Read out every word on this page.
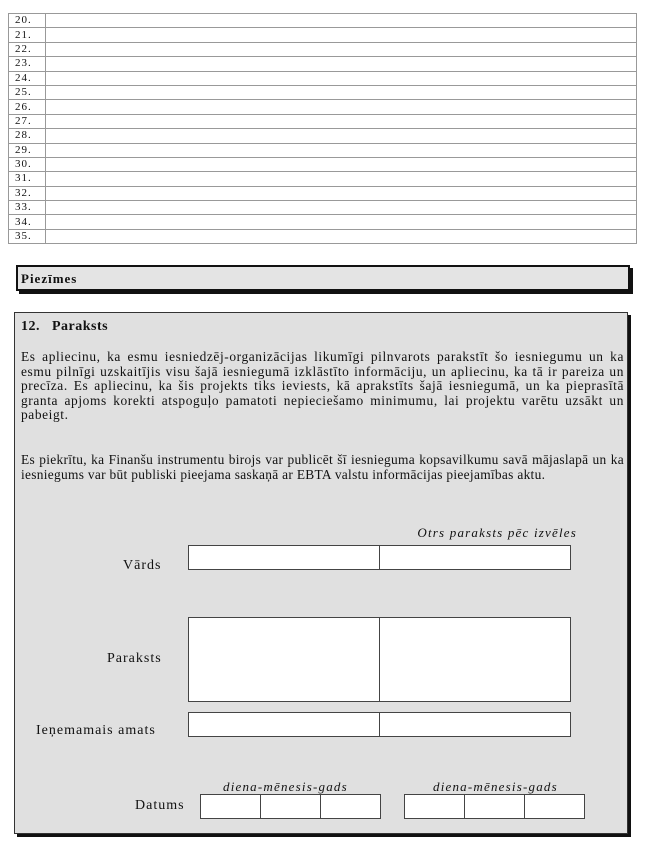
20.	
21.	
22.	
23.	
24.	
25.	
26.	
27.	
28.	
29.	
30.	
31.	
32.	
33.	
34.	
35.	
Piezīmes
12.   Paraksts
Es apliecinu, ka esmu iesniedzēj-organizācijas likumīgi pilnvarots parakstīt šo iesniegumu un ka esmu pilnīgi uzskaitījis visu šajā iesniegumā izklāstīto informāciju, un apliecinu, ka tā ir pareiza un precīza. Es apliecinu, ka šis projekts tiks ieviests, kā aprakstīts šajā iesniegumā, un ka pieprasītā granta apjoms korekti atspoguļo pamatoti nepieciešamo minimumu, lai projektu varētu uzsākt un pabeigt.
Es piekrītu, ka Finanšu instrumentu birojs var publicēt šī iesnieguma kopsavilkumu savā mājaslapā un ka iesniegums var būt publiski pieejama saskaņā ar EBTA valstu informācijas pieejamības aktu.
Otrs paraksts pēc izvēles
Vārds
Paraksts
Ieņemamais amats
diena-mēnesis-gads	diena-mēnesis-gads
Datums
